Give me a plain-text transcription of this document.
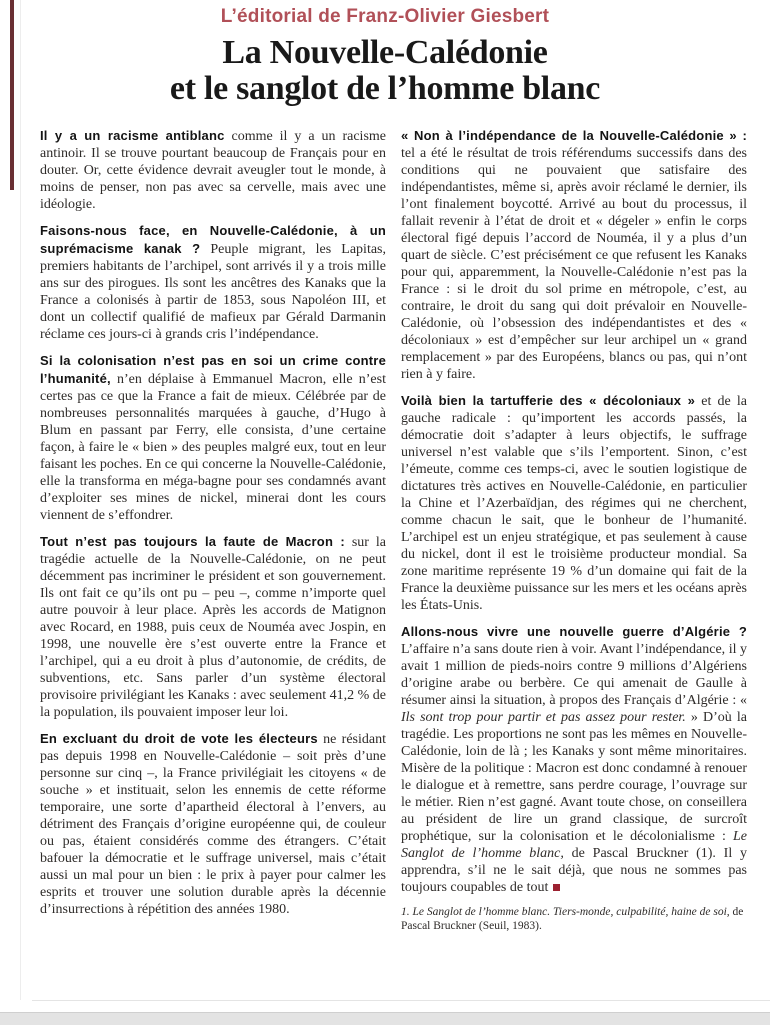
L’éditorial de Franz-Olivier Giesbert
La Nouvelle-Calédonie
et le sanglot de l’homme blanc

Il y a un racisme antiblanc comme il y a un racisme antinoir. Il se trouve pourtant beaucoup de Français pour en douter. Or, cette évidence devrait aveugler tout le monde, à moins de penser, non pas avec sa cervelle, mais avec une idéologie.

Faisons-nous face, en Nouvelle-Calédonie, à un suprémacisme kanak ? Peuple migrant, les Lapitas, premiers habitants de l’archipel, sont arrivés il y a trois mille ans sur des pirogues. Ils sont les ancêtres des Kanaks que la France a colonisés à partir de 1853, sous Napoléon III, et dont un collectif qualifié de mafieux par Gérald Darmanin réclame ces jours-ci à grands cris l’indépendance.

Si la colonisation n’est pas en soi un crime contre l’humanité, n’en déplaise à Emmanuel Macron, elle n’est certes pas ce que la France a fait de mieux. Célébrée par de nombreuses personnalités marquées à gauche, d’Hugo à Blum en passant par Ferry, elle consista, d’une certaine façon, à faire le « bien » des peuples malgré eux, tout en leur faisant les poches. En ce qui concerne la Nouvelle-Calédonie, elle la transforma en méga-bagne pour ses condamnés avant d’exploiter ses mines de nickel, minerai dont les cours viennent de s’effondrer.

Tout n’est pas toujours la faute de Macron : sur la tragédie actuelle de la Nouvelle-Calédonie, on ne peut décemment pas incriminer le président et son gouvernement. Ils ont fait ce qu’ils ont pu – peu –, comme n’importe quel autre pouvoir à leur place. Après les accords de Matignon avec Rocard, en 1988, puis ceux de Nouméa avec Jospin, en 1998, une nouvelle ère s’est ouverte entre la France et l’archipel, qui a eu droit à plus d’autonomie, de crédits, de subventions, etc. Sans parler d’un système électoral provisoire privilégiant les Kanaks : avec seulement 41,2 % de la population, ils pouvaient imposer leur loi.

En excluant du droit de vote les électeurs ne résidant pas depuis 1998 en Nouvelle-Calédonie – soit près d’une personne sur cinq –, la France privilégiait les citoyens « de souche » et instituait, selon les ennemis de cette réforme temporaire, une sorte d’apartheid électoral à l’envers, au détriment des Français d’origine européenne qui, de couleur ou pas, étaient considérés comme des étrangers. C’était bafouer la démocratie et le suffrage universel, mais c’était aussi un mal pour un bien : le prix à payer pour calmer les esprits et trouver une solution durable après la décennie d’insurrections à répétition des années 1980.

« Non à l’indépendance de la Nouvelle-Calédonie » : tel a été le résultat de trois référendums successifs dans des conditions qui ne pouvaient que satisfaire des indépendantistes, même si, après avoir réclamé le dernier, ils l’ont finalement boycotté. Arrivé au bout du processus, il fallait revenir à l’état de droit et « dégeler » enfin le corps électoral figé depuis l’accord de Nouméa, il y a plus d’un quart de siècle. C’est précisément ce que refusent les Kanaks pour qui, apparemment, la Nouvelle-Calédonie n’est pas la France : si le droit du sol prime en métropole, c’est, au contraire, le droit du sang qui doit prévaloir en Nouvelle-Calédonie, où l’obsession des indépendantistes et des « décoloniaux » est d’empêcher sur leur archipel un « grand remplacement » par des Européens, blancs ou pas, qui n’ont rien à y faire.

Voilà bien la tartufferie des « décoloniaux » et de la gauche radicale : qu’importent les accords passés, la démocratie doit s’adapter à leurs objectifs, le suffrage universel n’est valable que s’ils l’emportent. Sinon, c’est l’émeute, comme ces temps-ci, avec le soutien logistique de dictatures très actives en Nouvelle-Calédonie, en particulier la Chine et l’Azerbaïdjan, des régimes qui ne cherchent, comme chacun le sait, que le bonheur de l’humanité. L’archipel est un enjeu stratégique, et pas seulement à cause du nickel, dont il est le troisième producteur mondial. Sa zone maritime représente 19 % d’un domaine qui fait de la France la deuxième puissance sur les mers et les océans après les États-Unis.

Allons-nous vivre une nouvelle guerre d’Algérie ? L’affaire n’a sans doute rien à voir. Avant l’indépendance, il y avait 1 million de pieds-noirs contre 9 millions d’Algériens d’origine arabe ou berbère. Ce qui amenait de Gaulle à résumer ainsi la situation, à propos des Français d’Algérie : « Ils sont trop pour partir et pas assez pour rester. » D’où la tragédie. Les proportions ne sont pas les mêmes en Nouvelle-Calédonie, loin de là ; les Kanaks y sont même minoritaires. Misère de la politique : Macron est donc condamné à renouer le dialogue et à remettre, sans perdre courage, l’ouvrage sur le métier. Rien n’est gagné. Avant toute chose, on conseillera au président de lire un grand classique, de surcroît prophétique, sur la colonisation et le décolonialisme : Le Sanglot de l’homme blanc, de Pascal Bruckner (1). Il y apprendra, s’il ne le sait déjà, que nous ne sommes pas toujours coupables de tout

1. Le Sanglot de l’homme blanc. Tiers-monde, culpabilité, haine de soi, de Pascal Bruckner (Seuil, 1983).
